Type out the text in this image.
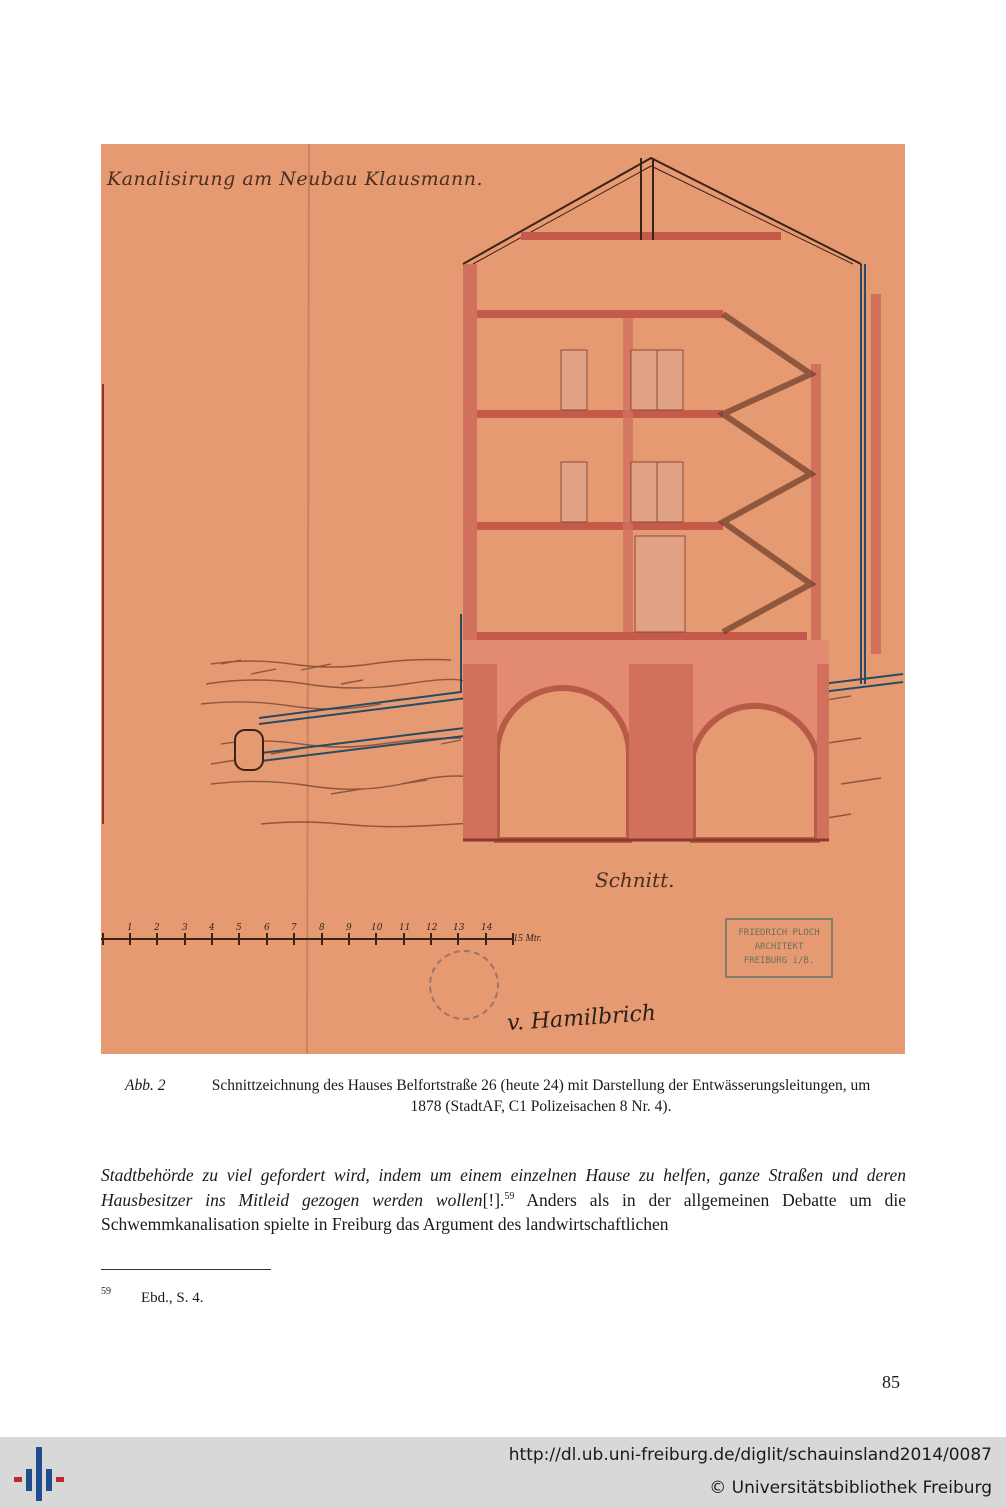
1 2 3 4 5 6 7 8 9 10 11 12 13 14
Kanalisirung am Neubau Klausmann.
Schnitt.
15 Mtr.	FRIEDRICH PLOCH
ARCHITEKT
FREIBURG i/B.
v. Hamilbrich
Abb. 2	Schnittzeichnung des Hauses Belfortstraße 26 (heute 24) mit Darstellung der Entwässerungsleitungen, um 1878 (StadtAF, C1 Polizeisachen 8 Nr. 4).

Stadtbehörde zu viel gefordert wird, indem um einem einzelnen Hause zu helfen, ganze Straßen und deren Hausbesitzer ins Mitleid gezogen werden wollen[!].$^{59}$ Anders als in der allgemeinen Debatte um die Schwemmkanalisation spielte in Freiburg das Argument des landwirtschaftlichen

59 Ebd., S. 4.
85
http://dl.ub.uni-freiburg.de/diglit/schauinsland2014/0087
© Universitätsbibliothek Freiburg
